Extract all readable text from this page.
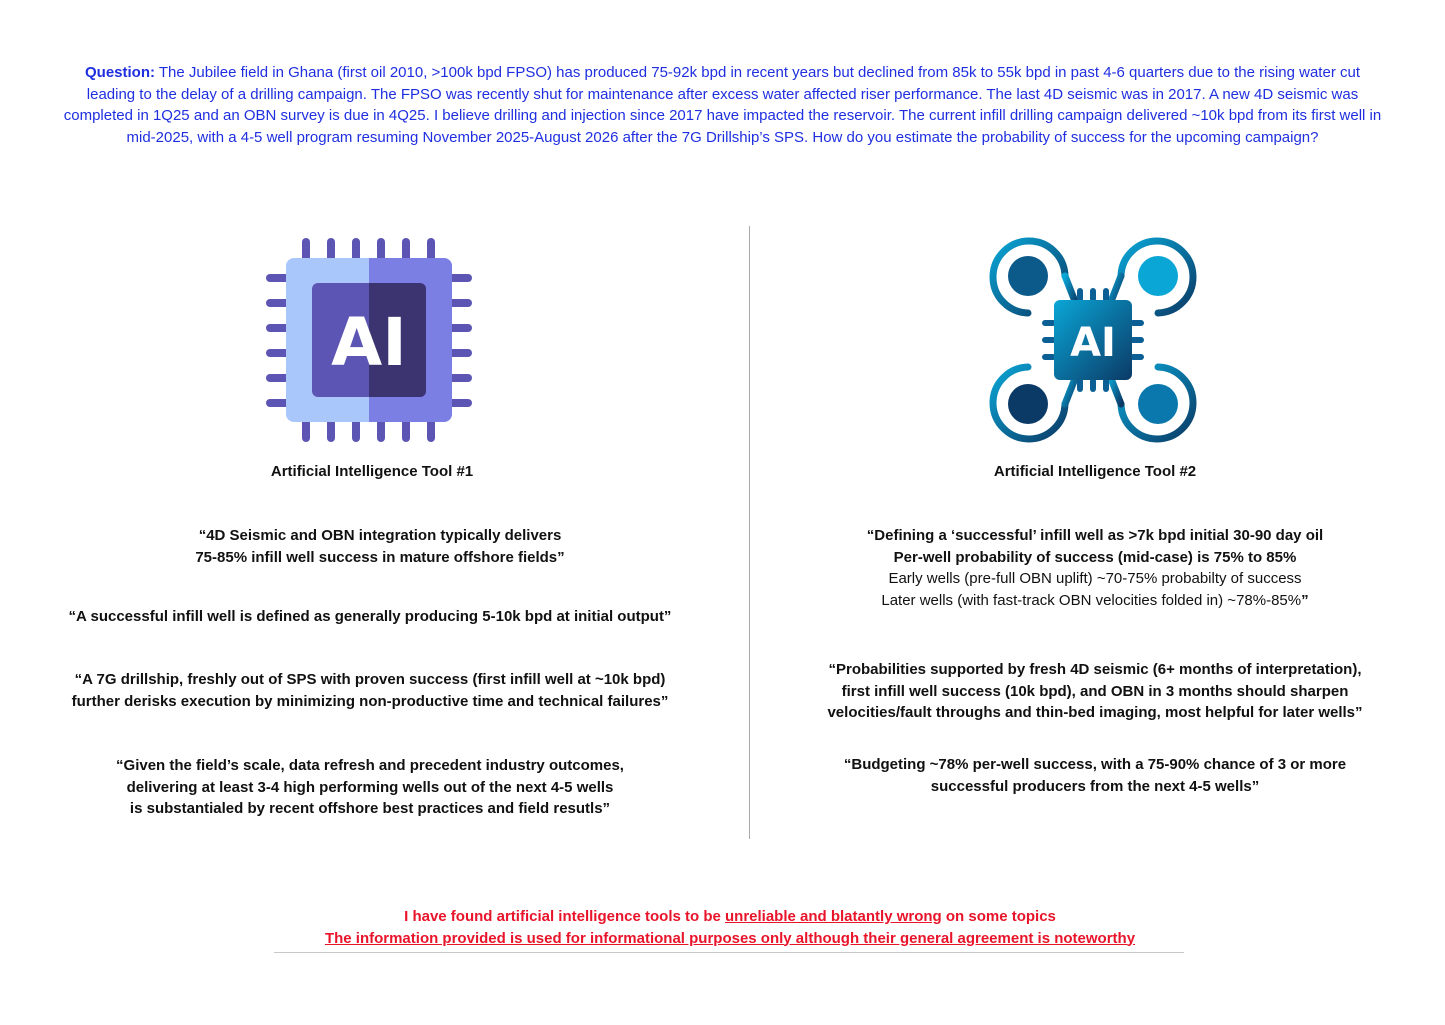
Question: The Jubilee field in Ghana (first oil 2010, >100k bpd FPSO) has produced 75-92k bpd in recent years but declined from 85k to 55k bpd in past 4-6 quarters due to the rising water cut leading to the delay of a drilling campaign. The FPSO was recently shut for maintenance after excess water affected riser performance. The last 4D seismic was in 2017. A new 4D seismic was completed in 1Q25 and an OBN survey is due in 4Q25. I believe drilling and injection since 2017 have impacted the reservoir. The current infill drilling campaign delivered ~10k bpd from its first well in mid-2025, with a 4-5 well program resuming November 2025-August 2026 after the 7G Drillship’s SPS. How do you estimate the probability of success for the upcoming campaign?
AI	AI
Artificial Intelligence Tool #1	Artificial Intelligence Tool #2
“4D Seismic and OBN integration typically delivers
75-85% infill well success in mature offshore fields”
“A successful infill well is defined as generally producing 5-10k bpd at initial output”
“A 7G drillship, freshly out of SPS with proven success (first infill well at ~10k bpd)
further derisks execution by minimizing non-productive time and technical failures”
“Given the field’s scale, data refresh and precedent industry outcomes,
delivering at least 3-4 high performing wells out of the next 4-5 wells
is substantialed by recent offshore best practices and field resutls”
“Defining a ‘successful’ infill well as >7k bpd initial 30-90 day oil
Per-well probability of success (mid-case) is 75% to 85%
Early wells (pre-full OBN uplift) ~70-75% probabilty of success
Later wells (with fast-track OBN velocities folded in) ~78%-85%”
“Probabilities supported by fresh 4D seismic (6+ months of interpretation),
first infill well success (10k bpd), and OBN in 3 months should sharpen
velocities/fault throughs and thin-bed imaging, most helpful for later wells”
“Budgeting ~78% per-well success, with a 75-90% chance of 3 or more
successful producers from the next 4-5 wells”
I have found artificial intelligence tools to be unreliable and blatantly wrong on some topics
The information provided is used for informational purposes only although their general agreement is noteworthy
